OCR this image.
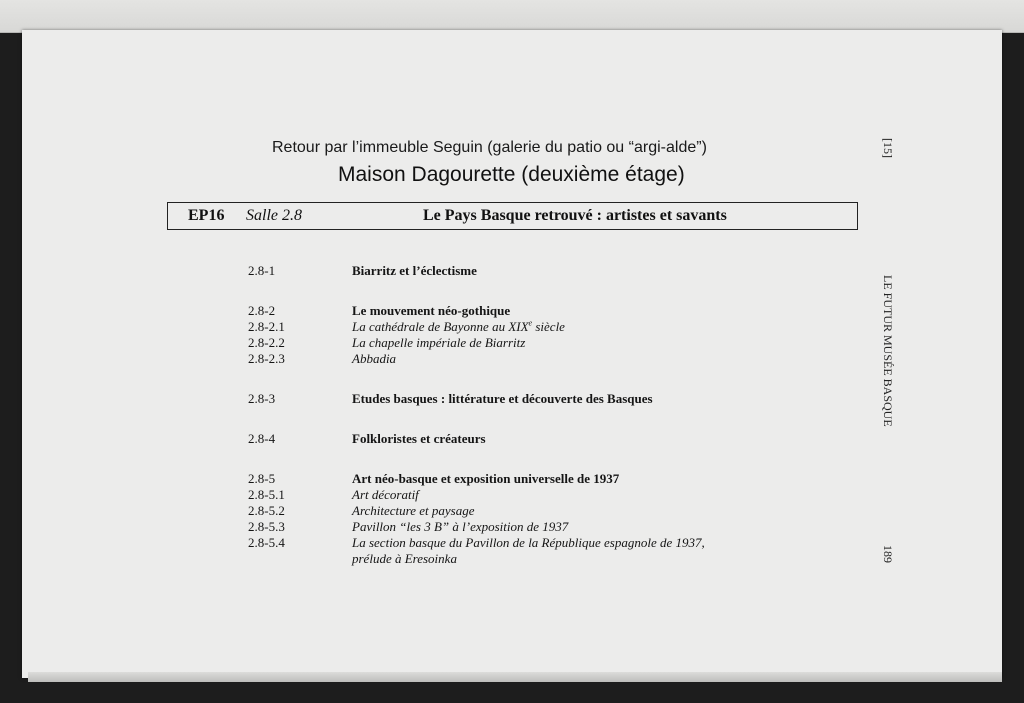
Retour par l’immeuble Seguin (galerie du patio ou “argi-alde”)
Maison Dagourette (deuxième étage)
EP16 Salle 2.8	Le Pays Basque retrouvé : artistes et savants
2.8-1	Biarritz et l’éclectisme
2.8-2	Le mouvement néo-gothique
2.8-2.1	La cathédrale de Bayonne au XIXe siècle
2.8-2.2	La chapelle impériale de Biarritz
2.8-2.3	Abbadia
2.8-3	Etudes basques : littérature et découverte des Basques
2.8-4	Folkloristes et créateurs
2.8-5	Art néo-basque et exposition universelle de 1937
2.8-5.1	Art décoratif
2.8-5.2	Architecture et paysage
2.8-5.3	Pavillon “les 3 B” à l’exposition de 1937
2.8-5.4	La section basque du Pavillon de la République espagnole de 1937,
prélude à Eresoinka
[15]
LE FUTUR MUSÉE BASQUE
189
